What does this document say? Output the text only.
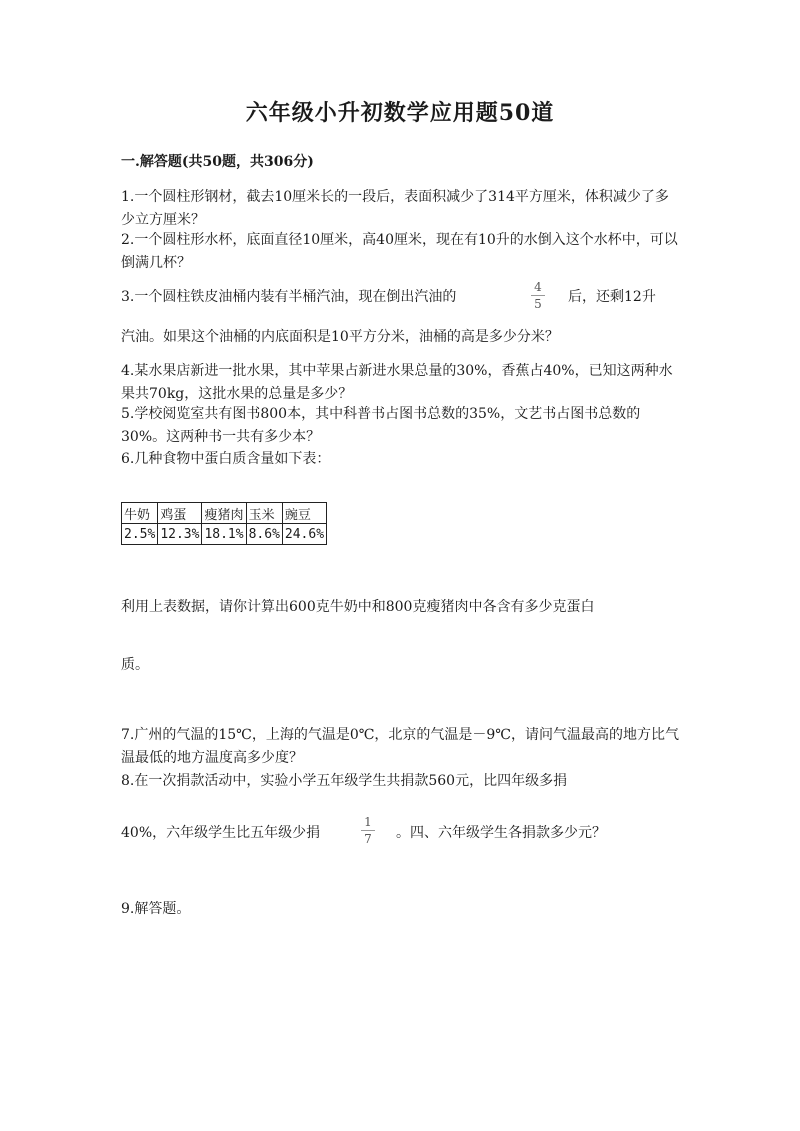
六年级小升初数学应用题50道
一.解答题(共50题，共306分)
1.一个圆柱形钢材，截去10厘米长的一段后，表面积减少了314平方厘米，体积减少了多少立方厘米？
2.一个圆柱形水杯，底面直径10厘米，高40厘米，现在有10升的水倒入这个水杯中，可以倒满几杯？
3.一个圆柱铁皮油桶内装有半桶汽油，现在倒出汽油的
4
5 后，还剩12升
汽油。如果这个油桶的内底面积是10平方分米，油桶的高是多少分米？
4.某水果店新进一批水果，其中苹果占新进水果总量的30%，香蕉占40%，已知这两种水果共70kg，这批水果的总量是多少？
5.学校阅览室共有图书800本，其中科普书占图书总数的35%，文艺书占图书总数的30%。这两种书一共有多少本？
6.几种食物中蛋白质含量如下表：
牛奶	鸡蛋	瘦猪肉	玉米	豌豆
2.5%	12.3%	18.1%	8.6%	24.6%
利用上表数据，请你计算出600克牛奶中和800克瘦猪肉中各含有多少克蛋白
质。
7.广州的气温的15℃，上海的气温是0℃，北京的气温是－9℃，请问气温最高的地方比气温最低的地方温度高多少度？
8.在一次捐款活动中，实验小学五年级学生共捐款560元，比四年级多捐
40%，六年级学生比五年级少捐
1
7 。四、六年级学生各捐款多少元？
9.解答题。
